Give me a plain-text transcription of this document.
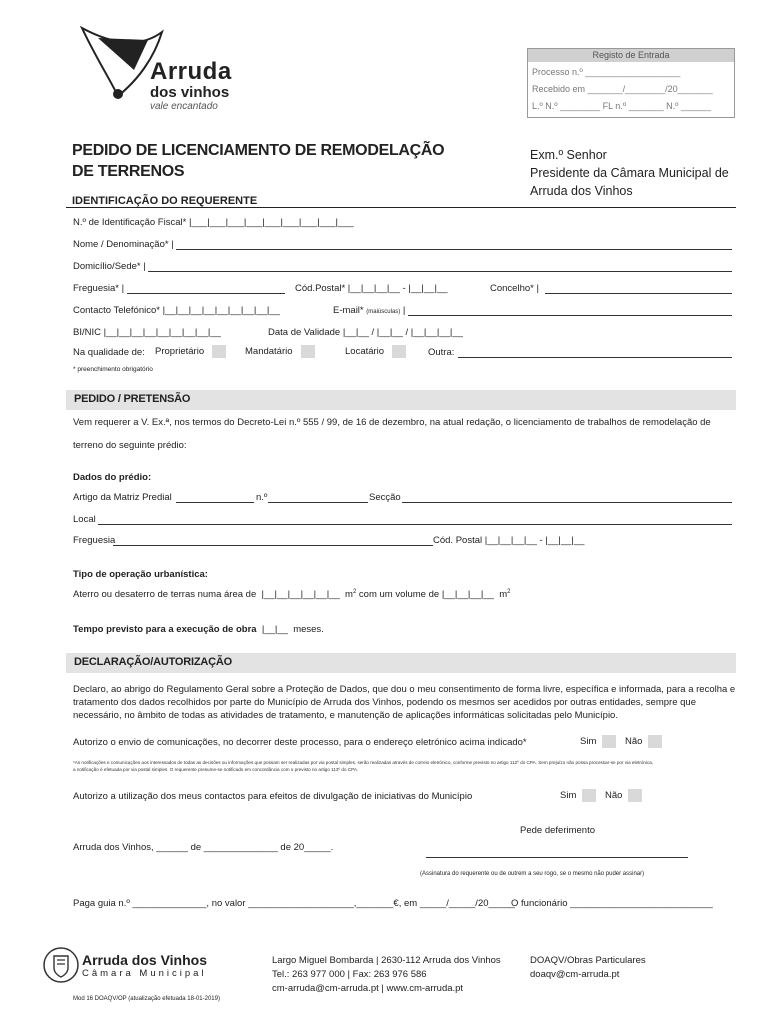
Arruda
dos vinhos
vale encantado
Registo de Entrada
Processo n.º ___________________
Recebido em _______/________/20_______
L.º N.º ________ FL n.º _______ N.º ______
PEDIDO DE LICENCIAMENTO DE REMODELAÇÃO
DE TERRENOS
Exm.º Senhor
Presidente da Câmara Municipal de
Arruda dos Vinhos
IDENTIFICAÇÃO DO REQUERENTE
N.º de Identificação Fiscal* |___|___|___|___|___|___|___|___|___
Nome / Denominação* |
Domicílio/Sede* |
Freguesia* |	Cód.Postal* |__|__|__|__ - |__|__|__	Concelho* |
Contacto Telefónico* |__|__|__|__|__|__|__|__|__	E-mail* (maiúsculas) |
BI/NIC |__|__|__|__|__|__|__|__|__	Data de Validade |__|__ / |__|__ / |__|__|__|__
Na qualidade de: Proprietário	Mandatário	Locatário	Outra:
* preenchimento obrigatório
PEDIDO / PRETENSÃO
Vem requerer a V. Ex.ª, nos termos do Decreto-Lei n.º 555 / 99, de 16 de dezembro, na atual redação, o licenciamento de trabalhos de remodelação de
terreno do seguinte prédio:
Dados do prédio:
Artigo da Matriz Predial	n.º	Secção
Local
Freguesia	Cód. Postal |__|__|__|__ - |__|__|__
Tipo de operação urbanística:
Aterro ou desaterro de terras numa área de  |__|__|__|__|__|__ $m^2$ com um volume de |__|__|__|__ $m^2$
Tempo previsto para a execução de obra |__|__ meses.
DECLARAÇÃO/AUTORIZAÇÃO
Declaro, ao abrigo do Regulamento Geral sobre a Proteção de Dados, que dou o meu consentimento de forma livre, específica e informada, para a recolha e
tratamento dos dados recolhidos por parte do Município de Arruda dos Vinhos, podendo os mesmos ser acedidos por outras entidades, sempre que
necessário, no âmbito de todas as atividades de tratamento, e manutenção de aplicações informáticas solicitadas pelo Município.
Autorizo o envio de comunicações, no decorrer deste processo, para o endereço eletrónico acima indicado*	Sim	Não
*As notificações e comunicações aos interessados de todas as decisões ou informações que possam ser realizadas por via postal simples, serão realizadas através de correio eletrónico, conforme previsto no artigo 112º do CPA. Sem prejuízo não possa processar-se por via eletrónica,
a notificação é efetuada por via postal simples. O requerente presume-se notificado em concordância com o previsto no artigo 113º do CPA.
Autorizo a utilização dos meus contactos para efeitos de divulgação de iniciativas do Município	Sim	Não
Pede deferimento
Arruda dos Vinhos, ______ de ______________ de 20_____.
(Assinatura do requerente ou de outrem a seu rogo, se o mesmo não puder assinar)
Paga guia n.º ______________, no valor ____________________,_______€, em _____/_____/20_____
O funcionário ___________________________
Arruda dos Vinhos
Câmara Municipal
Largo Miguel Bombarda | 2630-112 Arruda dos Vinhos
Tel.: 263 977 000 | Fax: 263 976 586
cm-arruda@cm-arruda.pt | www.cm-arruda.pt
DOAQV/Obras Particulares
doaqv@cm-arruda.pt
Mod 16 DOAQV/OP (atualização efetuada 18-01-2019)
